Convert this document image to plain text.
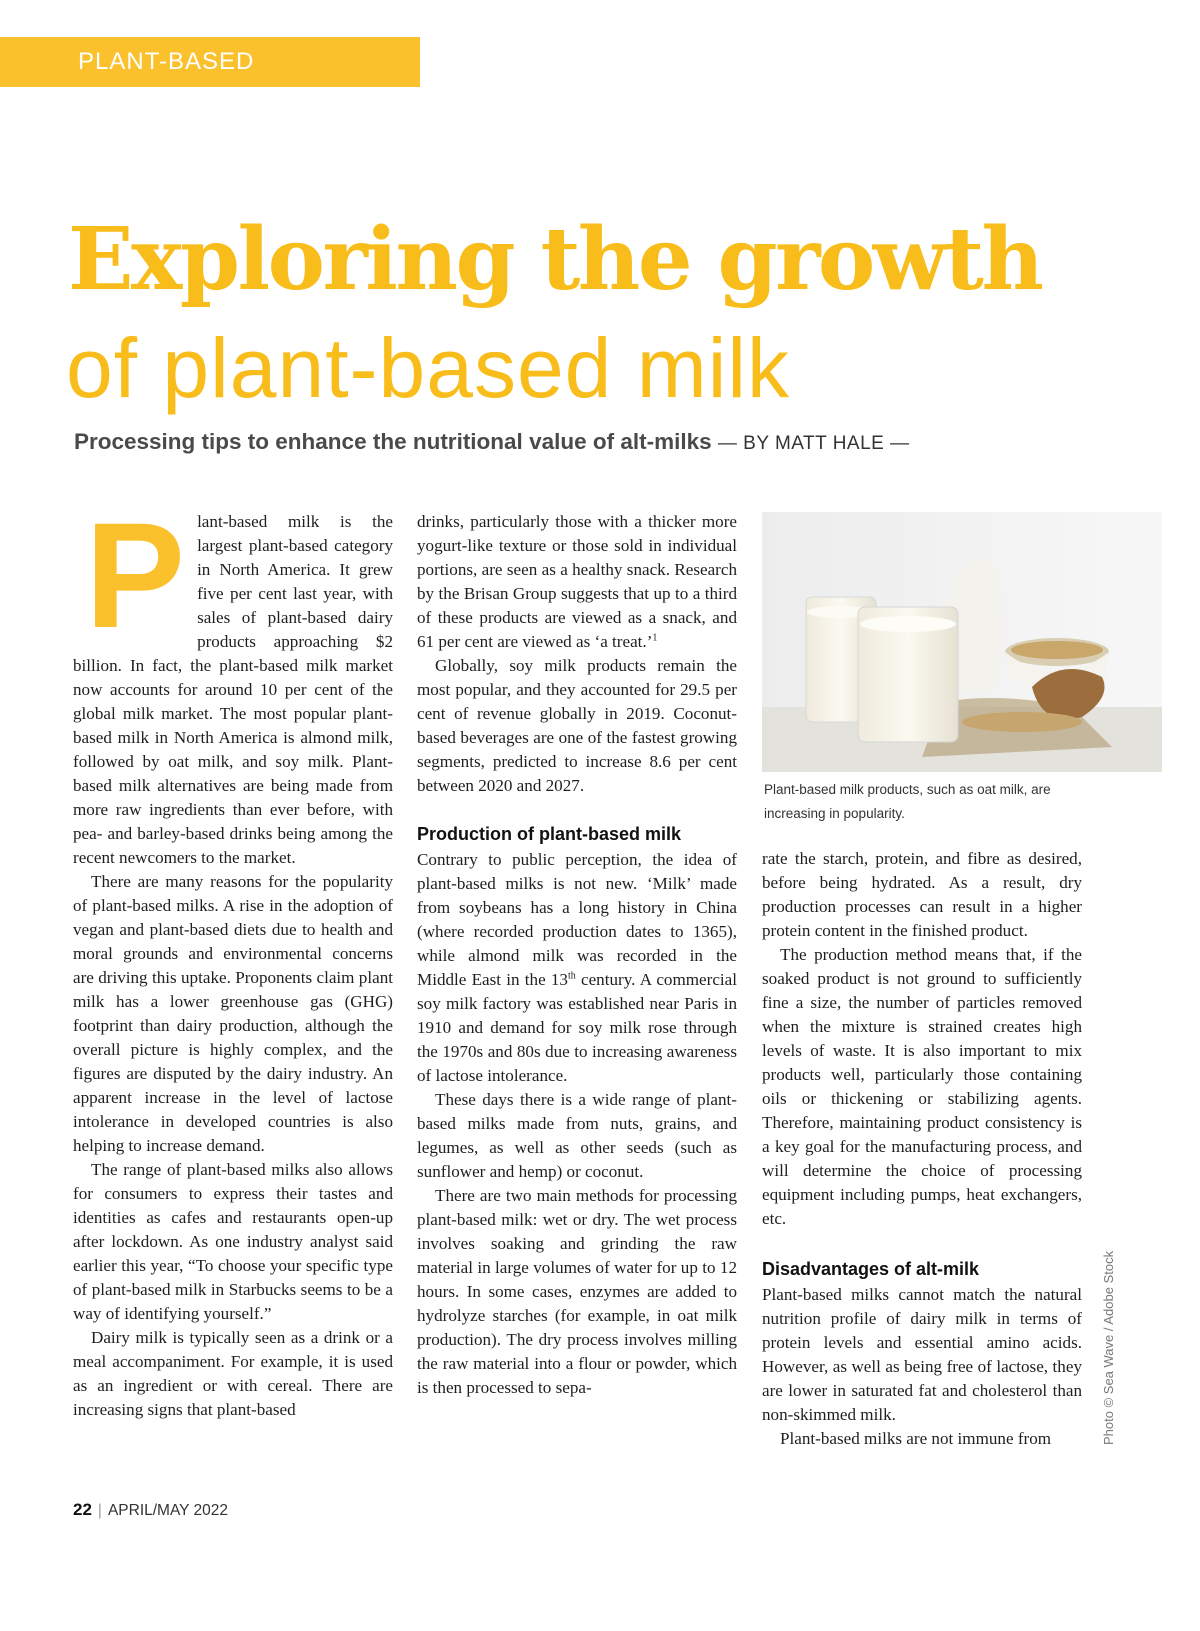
PLANT-BASED BEVERAGES
Exploring the growth
of plant-based milk
Processing tips to enhance the nutritional value of alt-milks — BY MATT HALE —

Plant-based milk is the largest plant-based category in North America. It grew five per cent last year, with sales of plant-based dairy products approaching $2 billion. In fact, the plant-based milk market now accounts for around 10 per cent of the global milk market. The most popular plant-based milk in North America is almond milk, followed by oat milk, and soy milk. Plant-based milk alternatives are being made from more raw ingredients than ever before, with pea- and barley-based drinks being among the recent newcomers to the market.

There are many reasons for the popularity of plant-based milks. A rise in the adoption of vegan and plant-based diets due to health and moral grounds and environmental concerns are driving this uptake. Proponents claim plant milk has a lower greenhouse gas (GHG) footprint than dairy production, although the overall picture is highly complex, and the figures are disputed by the dairy industry. An apparent increase in the level of lactose intolerance in developed countries is also helping to increase demand.

The range of plant-based milks also allows for consumers to express their tastes and identities as cafes and restaurants open-up after lockdown. As one industry analyst said earlier this year, “To choose your specific type of plant-based milk in Starbucks seems to be a way of identifying yourself.”

Dairy milk is typically seen as a drink or a meal accompaniment. For example, it is used as an ingredient or with cereal. There are increasing signs that plant-based

drinks, particularly those with a thicker more yogurt-like texture or those sold in individual portions, are seen as a healthy snack. Research by the Brisan Group suggests that up to a third of these products are viewed as a snack, and 61 per cent are viewed as ‘a treat.’$^1$

Globally, soy milk products remain the most popular, and they accounted for 29.5 per cent of revenue globally in 2019. Coconut-based beverages are one of the fastest growing segments, predicted to increase 8.6 per cent between 2020 and 2027.

Production of plant-based milk

Contrary to public perception, the idea of plant-based milks is not new. ‘Milk’ made from soybeans has a long history in China (where recorded production dates to 1365), while almond milk was recorded in the Middle East in the 13th century. A commercial soy milk factory was established near Paris in 1910 and demand for soy milk rose through the 1970s and 80s due to increasing awareness of lactose intolerance.

These days there is a wide range of plant-based milks made from nuts, grains, and legumes, as well as other seeds (such as sunflower and hemp) or coconut.

There are two main methods for processing plant-based milk: wet or dry. The wet process involves soaking and grinding the raw material in large volumes of water for up to 12 hours. In some cases, enzymes are added to hydrolyze starches (for example, in oat milk production). The dry process involves milling the raw material into a flour or powder, which is then processed to sepa-

Plant-based milk products, such as oat milk, are increasing in popularity.

rate the starch, protein, and fibre as desired, before being hydrated. As a result, dry production processes can result in a higher protein content in the finished product.

The production method means that, if the soaked product is not ground to sufficiently fine a size, the number of particles removed when the mixture is strained creates high levels of waste. It is also important to mix products well, particularly those containing oils or thickening or stabilizing agents. Therefore, maintaining product consistency is a key goal for the manufacturing process, and will determine the choice of processing equipment including pumps, heat exchangers, etc.

Disadvantages of alt-milk

Plant-based milks cannot match the natural nutrition profile of dairy milk in terms of protein levels and essential amino acids. However, as well as being free of lactose, they are lower in saturated fat and cholesterol than non-skimmed milk.

Plant-based milks are not immune from	Photo © Sea Wave / Adobe Stock
22 | APRIL/MAY 2022
